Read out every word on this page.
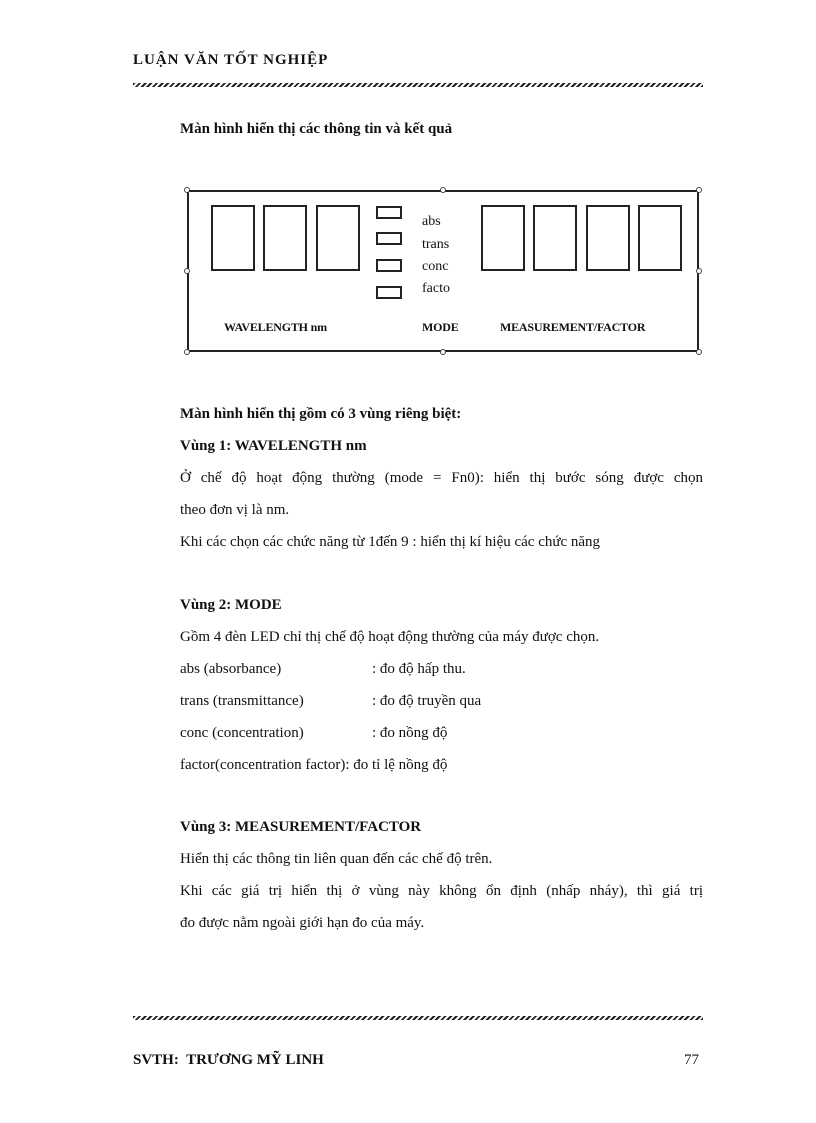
LUẬN VĂN TỐT NGHIỆP
Màn hình hiển thị các thông tin và kết quả
abs
trans
conc
facto
WAVELENGTH nm	MODE	MEASUREMENT/FACTOR
Màn hình hiển thị gồm có 3 vùng riêng biệt:
Vùng 1: WAVELENGTH nm
Ở chế độ hoạt động thường (mode = Fn0): hiển thị bước sóng được chọn
theo đơn vị là nm.
Khi các chọn các chức năng từ 1đến 9 : hiển thị kí hiệu các chức năng
Vùng 2: MODE
Gồm 4 đèn LED chỉ thị chế độ hoạt động thường của máy được chọn.
abs (absorbance)	: đo độ hấp thu.
trans (transmittance)	: đo độ truyền qua
conc (concentration)	: đo nồng độ
factor(concentration factor): đo tỉ lệ nồng độ
Vùng 3: MEASUREMENT/FACTOR
Hiển thị các thông tin liên quan đến các chế độ trên.
Khi các giá trị hiển thị ở vùng này không ổn định (nhấp nháy), thì giá trị
đo được nằm ngoài giới hạn đo của máy.
SVTH:  TRƯƠNG MỸ LINH	77
